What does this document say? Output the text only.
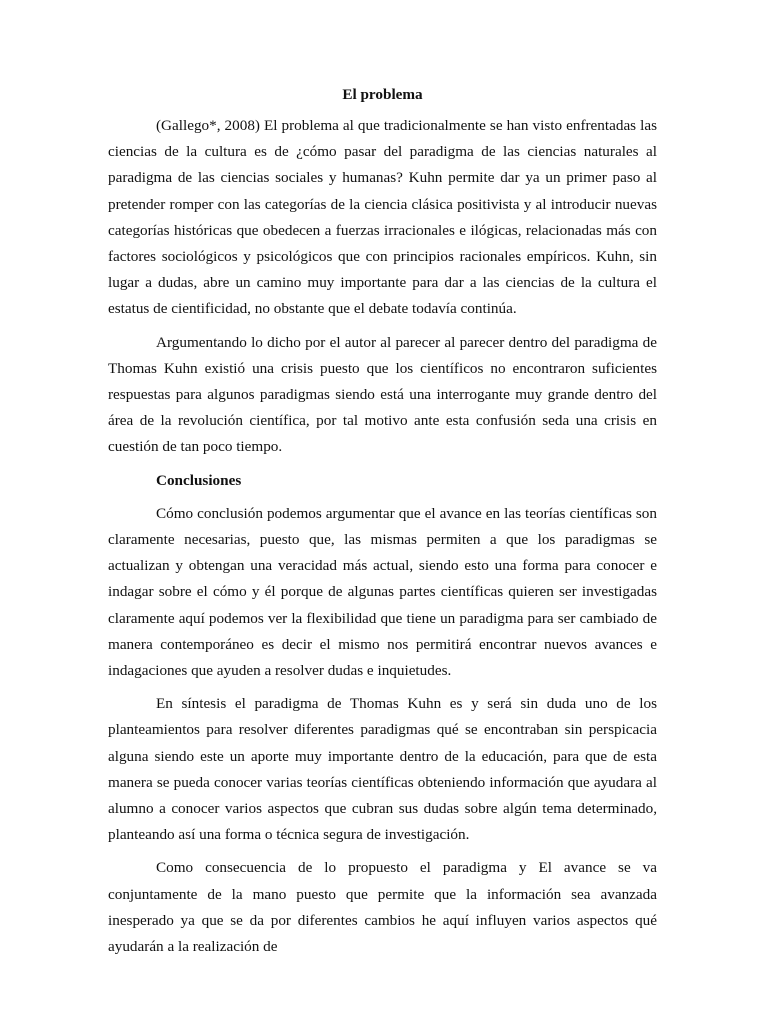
El problema

(Gallego*, 2008) El problema al que tradicionalmente se han visto enfrentadas las ciencias de la cultura es de ¿cómo pasar del paradigma de las ciencias naturales al paradigma de las ciencias sociales y humanas? Kuhn permite dar ya un primer paso al pretender romper con las categorías de la ciencia clásica positivista y al introducir nuevas categorías históricas que obedecen a fuerzas irracionales e ilógicas, relacionadas más con factores sociológicos y psicológicos que con principios racionales empíricos. Kuhn, sin lugar a dudas, abre un camino muy importante para dar a las ciencias de la cultura el estatus de cientificidad, no obstante que el debate todavía continúa.

Argumentando lo dicho por el autor al parecer al parecer dentro del paradigma de Thomas Kuhn existió una crisis puesto que los científicos no encontraron suficientes respuestas para algunos paradigmas siendo está una interrogante muy grande dentro del área de la revolución científica, por tal motivo ante esta confusión seda una crisis en cuestión de tan poco tiempo.

Conclusiones

Cómo conclusión podemos argumentar que el avance en las teorías científicas son claramente necesarias, puesto que, las mismas permiten a que los paradigmas se actualizan y obtengan una veracidad más actual, siendo esto una forma para conocer e indagar sobre el cómo y él porque de algunas partes científicas quieren ser investigadas claramente aquí podemos ver la flexibilidad que tiene un paradigma para ser cambiado de manera contemporáneo es decir el mismo nos permitirá encontrar nuevos avances e indagaciones que ayuden a resolver dudas e inquietudes.

En síntesis el paradigma de Thomas Kuhn es y será sin duda uno de los planteamientos para resolver diferentes paradigmas qué se encontraban sin perspicacia alguna siendo este un aporte muy importante dentro de la educación, para que de esta manera se pueda conocer varias teorías científicas obteniendo información que ayudara al alumno a conocer varios aspectos que cubran sus dudas sobre algún tema determinado, planteando así una forma o técnica segura de investigación.

Como consecuencia de lo propuesto el paradigma y El avance se va conjuntamente de la mano puesto que permite que la información sea avanzada inesperado ya que se da por diferentes cambios he aquí influyen varios aspectos qué ayudarán a la realización de
